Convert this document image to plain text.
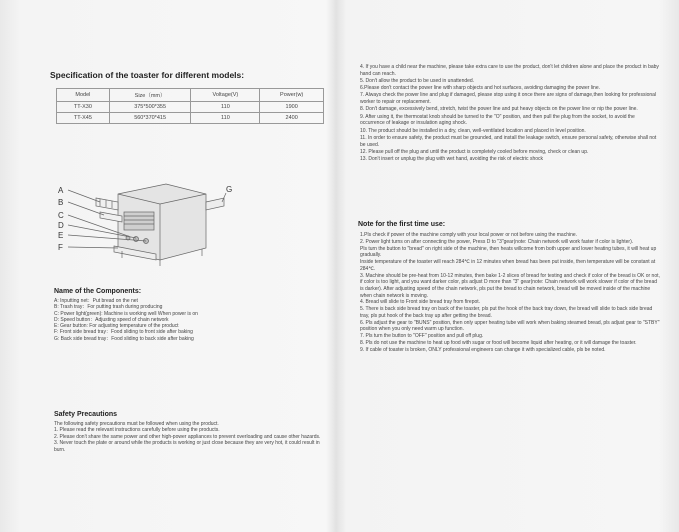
Specification of the toaster for different models:
Model	Size（mm）	Voltage(V)	Power(w)
TT-X30	375*500*355	110	1900
TT-X45	560*370*415	110	2400
A
B
C
D
E
F
G
Name of the Components:
A: Inputting net：Put bread on the net
B: Trash tray：For putting trash during producing
C: Power light(green): Machine is working well When power is on
D: Speed button：Adjusting speed of chain network
E: Gear button: For adjusting temperature of the product
F: Front side bread tray：Food sliding to front side after baking
G: Back side bread tray：Food sliding to back side after baking
Safety Precautions
The following safety precautions must be followed when using the product.
1. Please read the relevant instructions carefully before using the products.
2. Please don't share the same power and other high-power appliances to prevent overloading and cause other hazards.
3. Never touch the plate or around while the products is working or just close because they are very hot, it could result in burn.
4. If you have a child near the machine, please take extra care to use the product, don't let children alone and place the product in baby hand can reach.
5. Don't allow the product to be used in unattended.
6.Please don't contact the power line with sharp objects and hot surfaces, avoiding damaging the power line.
7. Always check the power line and plug if damaged, please stop using it once there are signs of damage,then looking for professional worker to repair or replacement.
8. Don't damage, excessively bend, stretch, twist the power line and put heavy objects on the power line or nip the power line.
9. After using it, the thermostat knob should be turned to the "O" position, and then pull the plug from the socket, to avoid the occurrence of leakage or insulation aging shock.
10. The product should be installed in a dry, clean, well-ventilated location and placed in level position.
11. In order to ensure safety, the product must be grounded, and install the leakage switch, ensure personal safety, otherwise shall not be used.
12. Please pull off the plug and until the product is completely cooled before moving, check or clean up.
13. Don't insert or unplug the plug with wet hand, avoiding the risk of electric shock
Note for the first time use:
1.Pls check if power of the machine comply with your local power or not before using the machine.
2. Power light turns on after connecting the power, Press D to "3"gear(note: Chain network will work faster if color is lighter).
Pls turn the button to "bread" on right side of the machine, then heats willcome from both upper and lower heating tubes, it will heat up gradually.
Inside temperature of the toaster will reach 284℃ in 12 minutes when bread has been put inside, then temperature will be constant at 284℃.
3. Machine should be pre-heat from 10-12 minutes, then bake 1-2 slices of bread for testing and check if color of the bread is OK or not, if color is too light, and you want darker color, pls adjust D more than "3" gear(note: Chain network will work slower if color of the bread is darker). After adjusting speed of the chain network, pls put the bread to chain network, bread will be moved inside of the machine when chain network is moving.
4. Bread will slide to Front side bread tray from firepot.
5. There is back side bread tray on back of the toaster, pls put the hook of the back tray down, the bread will slide to back side bread tray, pls put hook of the back tray up after getting the bread.
6. Pls adjust the gear to "BUNS" position, then only upper heating tube will work when baking steamed bread, pls adjust gear to "STBY" position when you only need warm up function.
7. Pls turn the button to "OFF" position and pull off plug.
8. Pls do not use the machine to heat up food with sugar or food will become liquid after heating, or it will damage the toaster.
9. If cable of toaster is broken, ONLY professional engineers can change it with specialized cable, pls be noted.
